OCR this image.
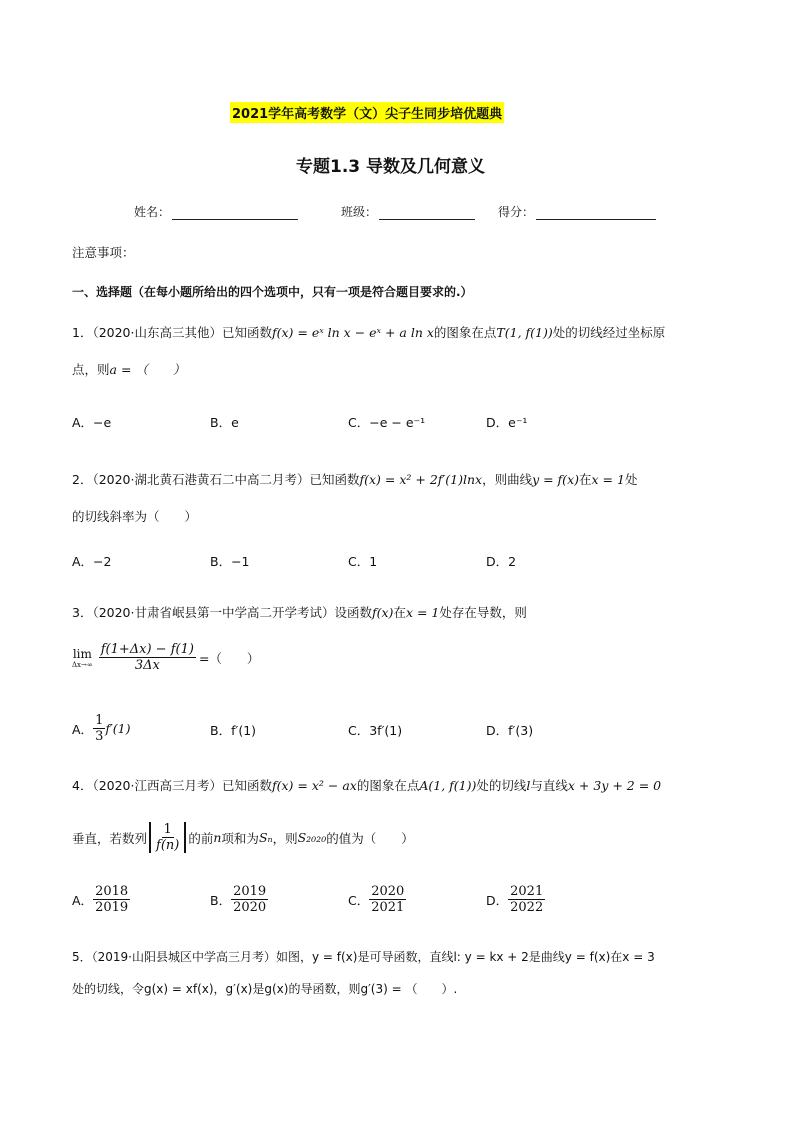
2021学年高考数学（文）尖子生同步培优题典
专题1.3 导数及几何意义
姓名：	班级：	得分：
注意事项：
一、选择题（在每小题所给出的四个选项中，只有一项是符合题目要求的.）
1．（2020·山东高三其他）已知函数f(x) = eˣ ln x − eˣ + a ln x的图象在点T(1, f(1))处的切线经过坐标原
点，则a = （　　）
A．−e	B．e	C．−e − e⁻¹	D．e⁻¹
2．（2020·湖北黄石港黄石二中高二月考）已知函数f(x) = x² + 2f′(1)lnx，则曲线y = f(x)在x = 1处
的切线斜率为（　　）
A．−2	B．−1	C．1	D．2
3．（2020·甘肃省岷县第一中学高二开学考试）设函数f(x)在x = 1处存在导数，则
lim
$\Delta x\to\infty \frac{f(1+\Delta x) - f(1)}{3\Delta x}$ =（　　）
A． $\frac{1}{3} f'(1)$	B．f′(1)	C．3f′(1)	D．f′(3)
4．（2020·江西高三月考）已知函数f(x) = x² − ax的图象在点A(1, f(1))处的切线l与直线x + 3y + 2 = 0
垂直，若数列 $\frac{1}{f(n)}$ 的前 n 项和为 Sₙ ，则 S₂₀₂₀ 的值为（　　）
A． $\frac{2018}{2019}$	B． $\frac{2019}{2020}$	C． $\frac{2020}{2021}$	D． $\frac{2021}{2022}$
5．（2019·山阳县城区中学高三月考）如图，y = f(x)是可导函数，直线l: y = kx + 2是曲线y = f(x)在x = 3
处的切线，令g(x) = xf(x)，g′(x)是g(x)的导函数，则g′(3) = （　　）.
